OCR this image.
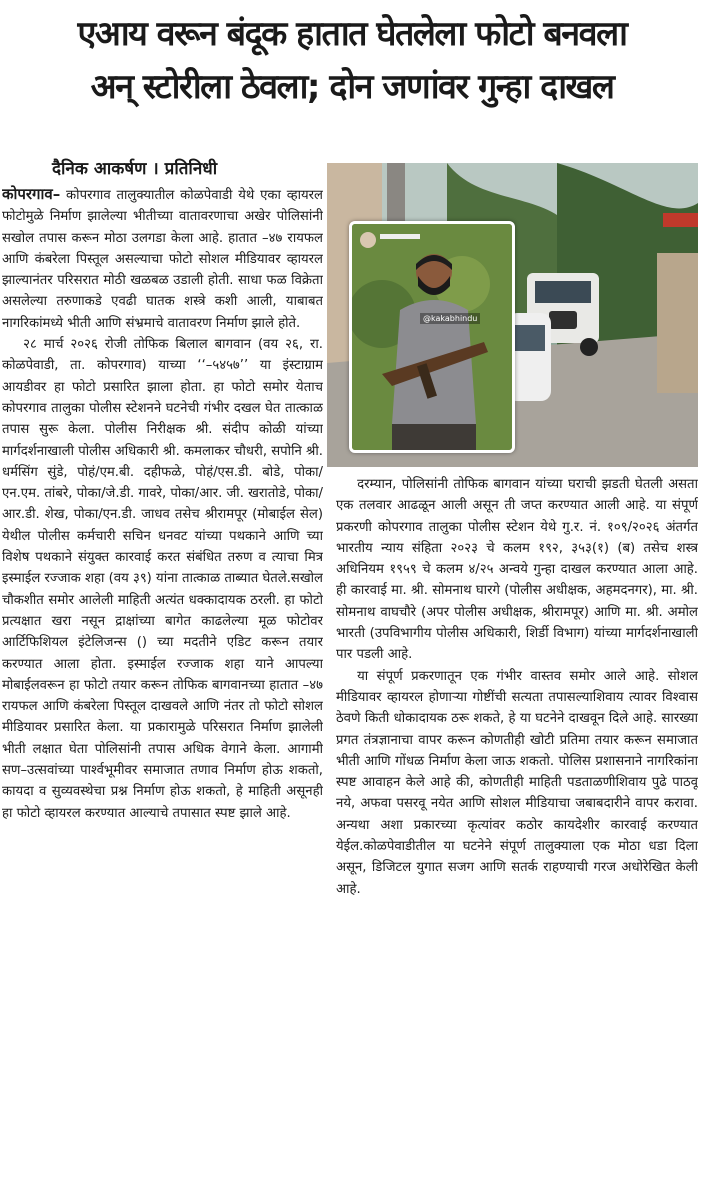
एआय वरून बंदूक हातात घेतलेला फोटो बनवला
अन् स्टोरीला ठेवला; दोन जणांवर गुन्हा दाखल
दैनिक आकर्षण । प्रतिनिधी

कोपरगाव– कोपरगाव तालुक्यातील कोळपेवाडी येथे एका व्हायरल फोटोमुळे निर्माण झालेल्या भीतीच्या वातावरणाचा अखेर पोलिसांनी सखोल तपास करून मोठा उलगडा केला आहे. हातात –४७ रायफल आणि कंबरेला पिस्तूल असल्याचा फोटो सोशल मीडियावर व्हायरल झाल्यानंतर परिसरात मोठी खळबळ उडाली होती. साधा फळ विक्रेता असलेल्या तरुणाकडे एवढी घातक शस्त्रे कशी आली, याबाबत नागरिकांमध्ये भीती आणि संभ्रमाचे वातावरण निर्माण झाले होते.

२८ मार्च २०२६ रोजी तोफिक बिलाल बागवान (वय २६, रा. कोळपेवाडी, ता. कोपरगाव) याच्या ‘‘–५४५७’’ या इंस्टाग्राम आयडीवर हा फोटो प्रसारित झाला होता. हा फोटो समोर येताच कोपरगाव तालुका पोलीस स्टेशनने घटनेची गंभीर दखल घेत तात्काळ तपास सुरू केला. पोलीस निरीक्षक श्री. संदीप कोळी यांच्या मार्गदर्शनाखाली पोलीस अधिकारी श्री. कमलाकर चौधरी, सपोनि श्री. धर्मसिंग सुंडे, पोहं/एम.बी. दहीफळे, पोहं/एस.डी. बोडे, पोका/ एन.एम. तांबरे, पोका/जे.डी. गावरे, पोका/आर. जी. खरातोडे, पोका/आर.डी. शेख, पोका/एन.डी. जाधव तसेच श्रीरामपूर (मोबाईल सेल) येथील पोलीस कर्मचारी सचिन धनवट यांच्या पथकाने आणि च्या विशेष पथकाने संयुक्त कारवाई करत संबंधित तरुण व त्याचा मित्र इस्माईल रज्जाक शहा (वय ३९) यांना तात्काळ ताब्यात घेतले.सखोल चौकशीत समोर आलेली माहिती अत्यंत धक्कादायक ठरली. हा फोटो प्रत्यक्षात खरा नसून द्राक्षांच्या बागेत काढलेल्या मूळ फोटोवर आर्टिफिशियल इंटेलिजन्स () च्या मदतीने एडिट करून तयार करण्यात आला होता. इस्माईल रज्जाक शहा याने आपल्या मोबाईलवरून हा फोटो तयार करून तोफिक बागवानच्या हातात –४७ रायफल आणि कंबरेला पिस्तूल दाखवले आणि नंतर तो फोटो सोशल मीडियावर प्रसारित केला. या प्रकारामुळे परिसरात निर्माण झालेली भीती लक्षात घेता पोलिसांनी तपास अधिक वेगाने केला. आगामी सण–उत्सवांच्या पार्श्वभूमीवर समाजात तणाव निर्माण होऊ शकतो, कायदा व सुव्यवस्थेचा प्रश्न निर्माण होऊ शकतो, हे माहिती असूनही हा फोटो व्हायरल करण्यात आल्याचे तपासात स्पष्ट झाले आहे.

@kakabhindu

दरम्यान, पोलिसांनी तोफिक बागवान यांच्या घराची झडती घेतली असता एक तलवार आढळून आली असून ती जप्त करण्यात आली आहे. या संपूर्ण प्रकरणी कोपरगाव तालुका पोलीस स्टेशन येथे गु.र. नं. १०९/२०२६ अंतर्गत भारतीय न्याय संहिता २०२३ चे कलम १९२, ३५३(१) (ब) तसेच शस्त्र अधिनियम १९५९ चे कलम ४/२५ अन्वये गुन्हा दाखल करण्यात आला आहे. ही कारवाई मा. श्री. सोमनाथ घारगे (पोलीस अधीक्षक, अहमदनगर), मा. श्री. सोमनाथ वाघचौरे (अपर पोलीस अधीक्षक, श्रीरामपूर) आणि मा. श्री. अमोल भारती (उपविभागीय पोलीस अधिकारी, शिर्डी विभाग) यांच्या मार्गदर्शनाखाली पार पडली आहे.

या संपूर्ण प्रकरणातून एक गंभीर वास्तव समोर आले आहे. सोशल मीडियावर व्हायरल होणाऱ्या गोष्टींची सत्यता तपासल्याशिवाय त्यावर विश्वास ठेवणे किती धोकादायक ठरू शकते, हे या घटनेने दाखवून दिले आहे. सारख्या प्रगत तंत्रज्ञानाचा वापर करून कोणतीही खोटी प्रतिमा तयार करून समाजात भीती आणि गोंधळ निर्माण केला जाऊ शकतो. पोलिस प्रशासनाने नागरिकांना स्पष्ट आवाहन केले आहे की, कोणतीही माहिती पडताळणीशिवाय पुढे पाठवू नये, अफवा पसरवू नयेत आणि सोशल मीडियाचा जबाबदारीने वापर करावा. अन्यथा अशा प्रकारच्या कृत्यांवर कठोर कायदेशीर कारवाई करण्यात येईल.कोळपेवाडीतील या घटनेने संपूर्ण तालुक्याला एक मोठा धडा दिला असून, डिजिटल युगात सजग आणि सतर्क राहण्याची गरज अधोरेखित केली आहे.
